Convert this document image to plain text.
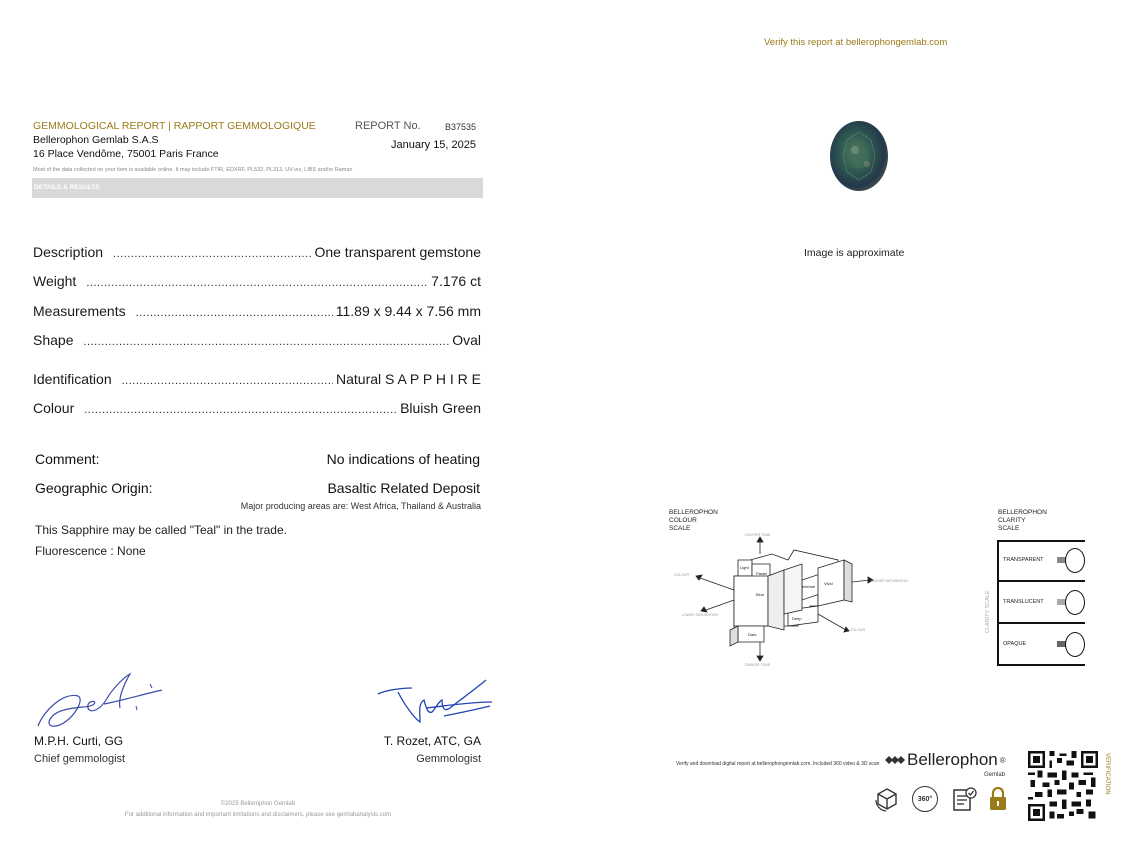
Verify this report at bellerophongemlab.com
GEMMOLOGICAL REPORT | RAPPORT GEMMOLOGIQUE	REPORT No.	B37535
Bellerophon Gemlab S.A.S
16 Place Vendôme, 75001 Paris France
January 15, 2025
Most of the data collected on your item is available online. It may include FTIR, EDXRF, PL532, PL313, UV-vis, LIBS and/or Raman
DETAILS & RESULTS
Description .....	One transparent gemstone
Weight .....	7.176 ct
Measurements .....	11.89 x 9.44 x 7.56 mm
Shape .....	Oval
Identification .....	Natural S A P P H I R E
Colour .....	Bluish Green
Comment:	No indications of heating
Geographic Origin:	Basaltic Related Deposit
Major producing areas are: West Africa, Thailand & Australia
This Sapphire may be called "Teal" in the trade.
Fluorescence : None
Image is approximate
BELLEROPHON
COLOUR
SCALE
Light
Pastel
Blue
Intense
Vivid
Deep
Dark
LIGHTER TONE
DARKER TONE
COLOUR
COLOUR
HIGHER SATURATION
LOWER SATURATION
BELLEROPHON
CLARITY
SCALE
CLARITY SCALE
TRANSPARENT
TRANSLUCENT
OPAQUE
M.P.H. Curti, GG
Chief gemmologist
T. Rozet, ATC, GA
Gemmologist
©2025 Bellerophon Gemlab
For additional information and important limitations and disclaimers, please see gemlabanalysis.com
Verify and download digital report at bellerophongemlab.com. Included 360 video & 3D scan Bellerophon ®
Gemlab
360°
VERIFICATION
